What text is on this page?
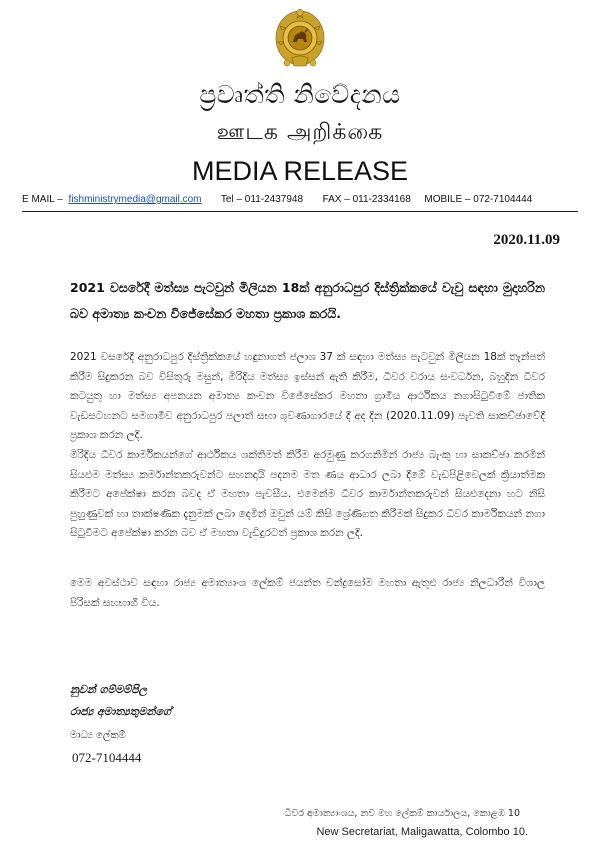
ප්‍රවෘත්ති නිවේදනය
ஊடக அறிக்கை
MEDIA RELEASE
E MAIL – fishministrymedia@gmail.com Tel – 011-2437948 FAX – 011-2334168 MOBILE – 072-7104444
2020.11.09
2021 වසරේදී මත්ස්‍ය පැටවුන් මිලියන 18ක් අනුරාධපුර දිස්ත්‍රික්කයේ වැවු සඳහා මුදාහරින බව අමාත්‍ය කංචන විජේසේකර මහතා ප්‍රකාශ කරයි.
2021 වසරේදී අනුරාධපුර දිස්ත්‍රික්කයේ හඳුනාගත් ජලාශ 37 ක් සඳහා මත්ස්‍ය පැටවුන් මිලියන 18ක් තැන්පත් කිරීම සිදුකරන බව විසිතුරු මසුන්, මිරිදිය මත්ස්‍ය ඉස්සන් ඇති කිරීම, ධීවර වරාය සංවර්ධන, බහුදින ධීවර කටයුතු හා මත්ස්‍ය අපනයන අමාත්‍ය කංචන විජේසේකර මහතා ග්‍රාමීය ආර්ථිකය නගාසිටුවීමේ ජාතික වැඩසටහනට සමගාමීව අනුරාධපුර පලාත් සභා ශුවණාගාරයේ දී අද දින (2020.11.09) පැවති සාකච්ඡාවේදී ප්‍රකාශ කරන ලදි.
මිරිදිය ධීවර කාර්මිකයන්ගේ ආර්ථිකය ශක්තිමත් කිරීම අරමුණු කරගනිමින් රාජ්‍ය බැංකු හා සාකච්ඡා කරමින් සියළුම මත්ස්‍ය කර්මාන්තකරුවන්ට සහනදායි පදනම මත ණය ආධාර ලබා දීමේ වැඩපිළිවෙලක් ක්‍රියාත්මක කිරීමට අපේක්ෂා කරන බවද ඒ මහතා පැවසීය. එමෙන්ම ධීවර කාර්මාන්තකරුවන් සියළුදෙනා හට නිසි පුහුණුවක් හා තාක්ෂණික දැනුමක් ලබා දෙමින් ඔවුන් යම් කිසි ශ්‍රේණිගත කිරීමක් සිදුකර ධීවර කාර්මිකයන් නගා සිටුවීමට අපේක්ෂා කරන බව ඒ මහතා වැඩිදුරටත් ප්‍රකාශ කරන ලදි.
මෙම අවස්ථාව සඳහා රාජ්‍ය අමාත්‍යාංශ ලේකම් ජයන්ත චන්ද්‍රසෝම මහතා ඇතුළු රාජ්‍ය නිලධාරීන් විශාල පිරිසක් සහභාගී විය.
නුවන් ගම්මම්පිල
රාජ්‍ය අමාත්‍යතුමන්ගේ
මාධ්‍ය ලේකම්
072-7104444
ධීවර අමාත්‍යාංශය, නව මහ ලේකම් කාර්යාලය, කොළඹ 10
New Secretariat, Maligawatta, Colombo 10.
